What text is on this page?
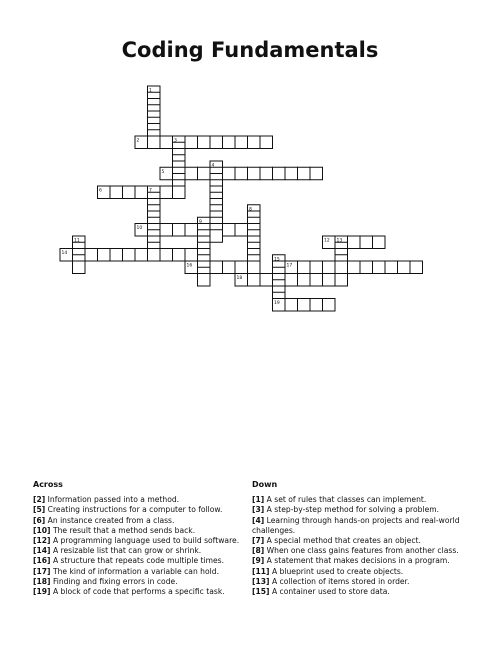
Coding Fundamentals
1
2	3
4
5
6	7
8
9
10
11	12 13
14
15
16	17
18
19
Across

[2] Information passed into a method.

[5] Creating instructions for a computer to follow.

[6] An instance created from a class.

[10] The result that a method sends back.

[12] A programming language used to build software.

[14] A resizable list that can grow or shrink.

[16] A structure that repeats code multiple times.

[17] The kind of information a variable can hold.

[18] Finding and fixing errors in code.

[19] A block of code that performs a specific task.

Down

[1] A set of rules that classes can implement.

[3] A step-by-step method for solving a problem.

[4] Learning through hands-on projects and real-world challenges.

[7] A special method that creates an object.

[8] When one class gains features from another class.

[9] A statement that makes decisions in a program.

[11] A blueprint used to create objects.

[13] A collection of items stored in order.

[15] A container used to store data.
